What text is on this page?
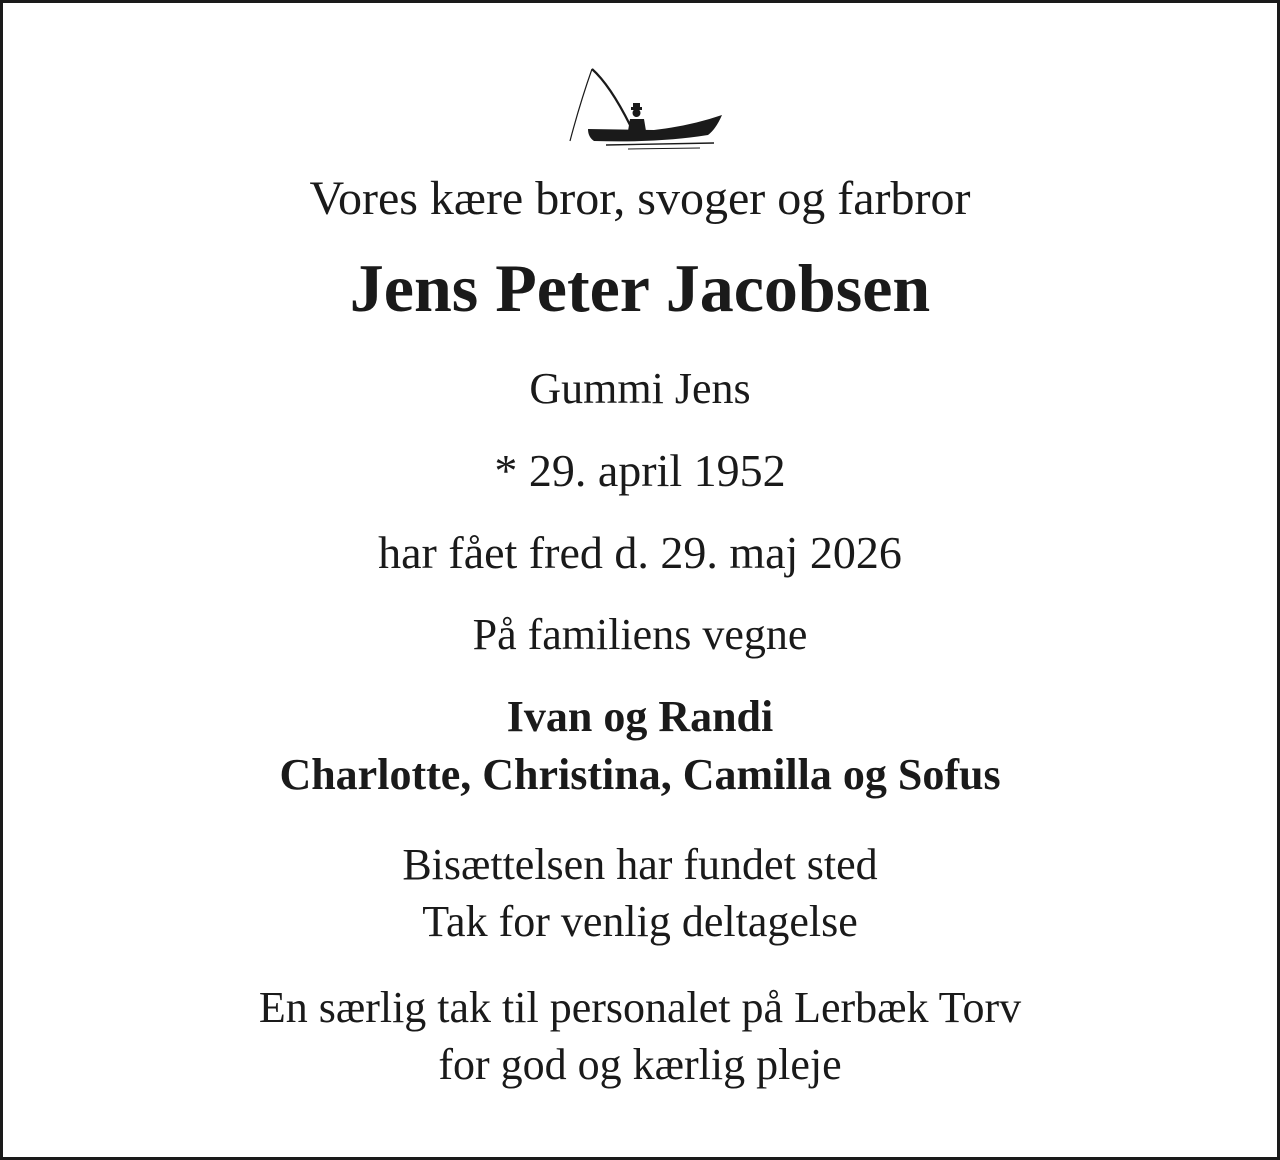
Vores kære bror, svoger og farbror
Jens Peter Jacobsen
Gummi Jens
* 29. april 1952
har fået fred d. 29. maj 2026
På familiens vegne
Ivan og Randi
Charlotte, Christina, Camilla og Sofus
Bisættelsen har fundet sted
Tak for venlig deltagelse
En særlig tak til personalet på Lerbæk Torv
for god og kærlig pleje
